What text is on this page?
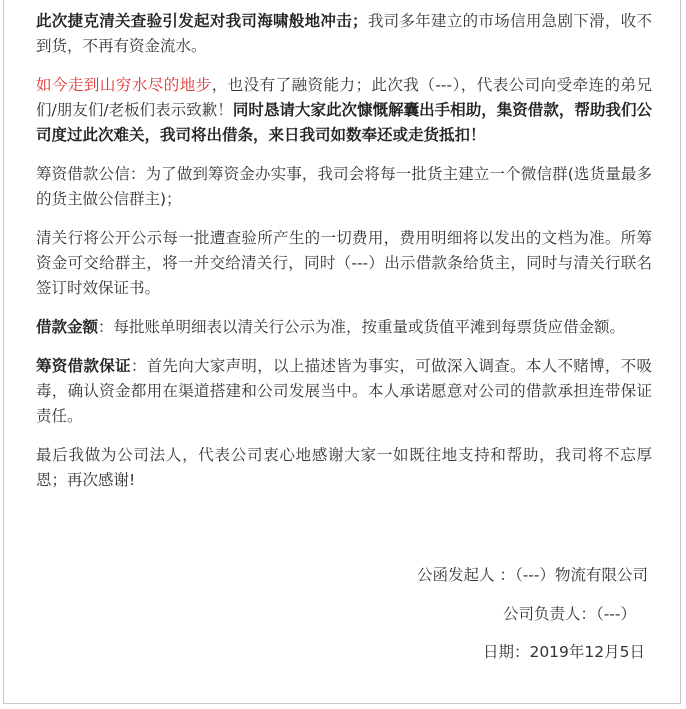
此次捷克清关查验引发起对我司海啸般地冲击；我司多年建立的市场信用急剧下滑，收不到货，不再有资金流水。

如今走到山穷水尽的地步，也没有了融资能力；此次我（---），代表公司向受牵连的弟兄们/朋友们/老板们表示致歉！同时恳请大家此次慷慨解囊出手相助，集资借款，帮助我们公司度过此次难关，我司将出借条，来日我司如数奉还或走货抵扣！

筹资借款公信：为了做到筹资金办实事，我司会将每一批货主建立一个微信群(选货量最多的货主做公信群主)；

清关行将公开公示每一批遭查验所产生的一切费用，费用明细将以发出的文档为准。所筹资金可交给群主，将一并交给清关行，同时（---）出示借款条给货主，同时与清关行联名签订时效保证书。

借款金额：每批账单明细表以清关行公示为准，按重量或货值平滩到每票货应借金额。

筹资借款保证：首先向大家声明，以上描述皆为事实，可做深入调查。本人不赌博，不吸毒，确认资金都用在渠道搭建和公司发展当中。本人承诺愿意对公司的借款承担连带保证责任。

最后我做为公司法人，代表公司衷心地感谢大家一如既往地支持和帮助，我司将不忘厚恩；再次感谢!

公函发起人 ：（---）物流有限公司
公司负责人：（---）
日期：2019年12月5日
